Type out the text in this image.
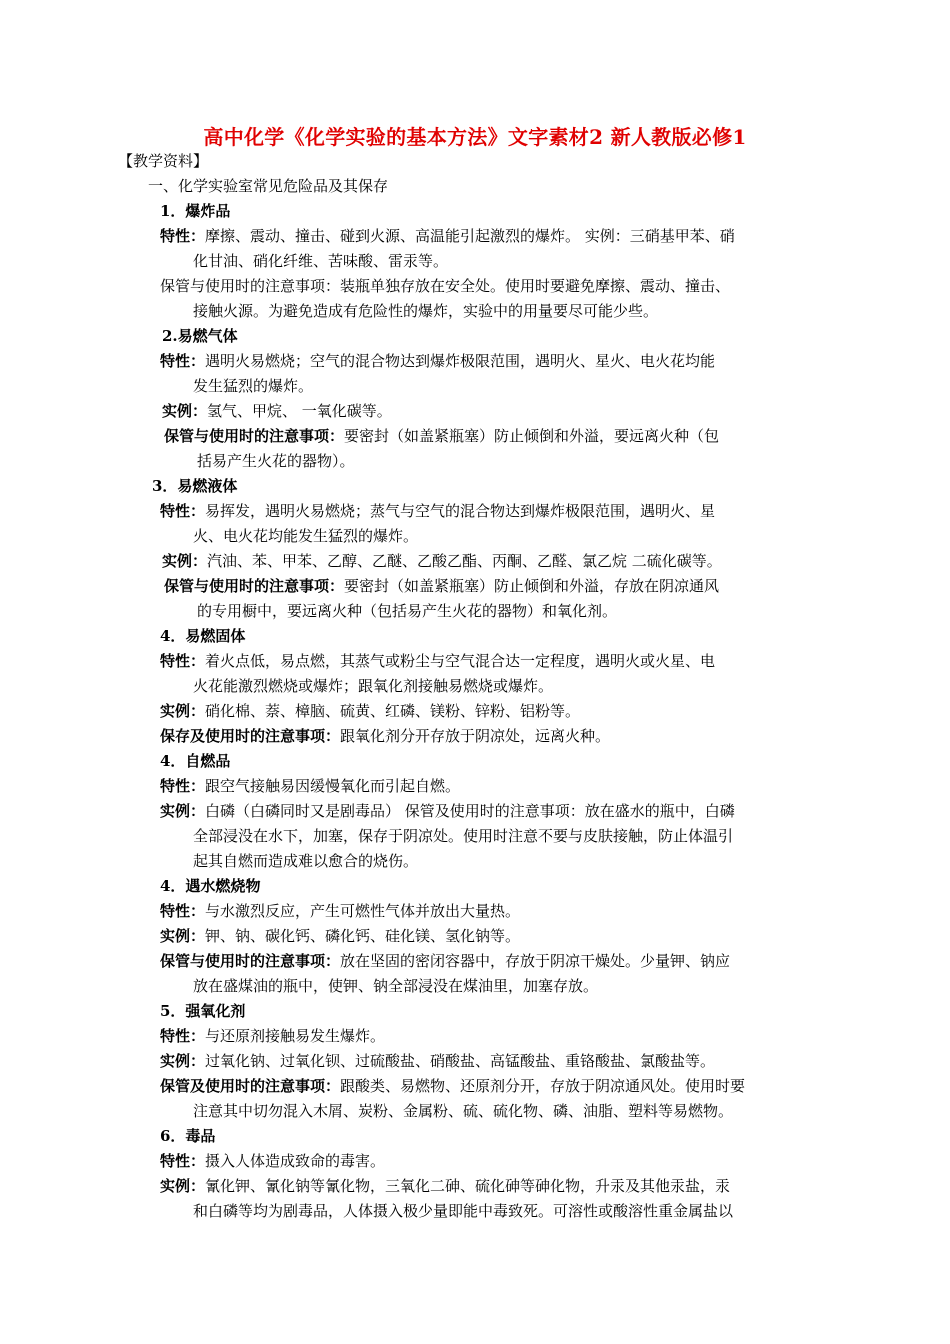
高中化学《化学实验的基本方法》文字素材2 新人教版必修1
【教学资料】
一、化学实验室常见危险品及其保存
1．爆炸品
特性：摩擦、震动、撞击、碰到火源、高温能引起激烈的爆炸。 实例：三硝基甲苯、硝
化甘油、硝化纤维、苦味酸、雷汞等。
保管与使用时的注意事项：装瓶单独存放在安全处。使用时要避免摩擦、震动、撞击、
接触火源。为避免造成有危险性的爆炸，实验中的用量要尽可能少些。
2.易燃气体
特性：遇明火易燃烧；空气的混合物达到爆炸极限范围，遇明火、星火、电火花均能
发生猛烈的爆炸。
实例：氢气、甲烷、 一氧化碳等。
保管与使用时的注意事项：要密封（如盖紧瓶塞）防止倾倒和外溢，要远离火种（包
括易产生火花的器物）。
3．易燃液体
特性：易挥发，遇明火易燃烧；蒸气与空气的混合物达到爆炸极限范围，遇明火、星
火、电火花均能发生猛烈的爆炸。
实例：汽油、苯、甲苯、乙醇、乙醚、乙酸乙酯、丙酮、乙醛、氯乙烷 二硫化碳等。
保管与使用时的注意事项：要密封（如盖紧瓶塞）防止倾倒和外溢，存放在阴凉通风
的专用橱中，要远离火种（包括易产生火花的器物）和氧化剂。
4．易燃固体
特性：着火点低，易点燃，其蒸气或粉尘与空气混合达一定程度，遇明火或火星、电
火花能激烈燃烧或爆炸；跟氧化剂接触易燃烧或爆炸。
实例：硝化棉、萘、樟脑、硫黄、红磷、镁粉、锌粉、铝粉等。
保存及使用时的注意事项：跟氧化剂分开存放于阴凉处，远离火种。
4．自燃品
特性：跟空气接触易因缓慢氧化而引起自燃。
实例：白磷（白磷同时又是剧毒品） 保管及使用时的注意事项：放在盛水的瓶中，白磷
全部浸没在水下，加塞，保存于阴凉处。使用时注意不要与皮肤接触，防止体温引
起其自燃而造成难以愈合的烧伤。
4．遇水燃烧物
特性：与水激烈反应，产生可燃性气体并放出大量热。
实例：钾、钠、碳化钙、磷化钙、硅化镁、氢化钠等。
保管与使用时的注意事项：放在坚固的密闭容器中，存放于阴凉干燥处。少量钾、钠应
放在盛煤油的瓶中，使钾、钠全部浸没在煤油里，加塞存放。
5．强氧化剂
特性：与还原剂接触易发生爆炸。
实例：过氧化钠、过氧化钡、过硫酸盐、硝酸盐、高锰酸盐、重铬酸盐、氯酸盐等。
保管及使用时的注意事项：跟酸类、易燃物、还原剂分开，存放于阴凉通风处。使用时要
注意其中切勿混入木屑、炭粉、金属粉、硫、硫化物、磷、油脂、塑料等易燃物。
6．毒品
特性：摄入人体造成致命的毒害。
实例：氰化钾、氰化钠等氰化物，三氧化二砷、硫化砷等砷化物，升汞及其他汞盐，汞
和白磷等均为剧毒品，人体摄入极少量即能中毒致死。可溶性或酸溶性重金属盐以
